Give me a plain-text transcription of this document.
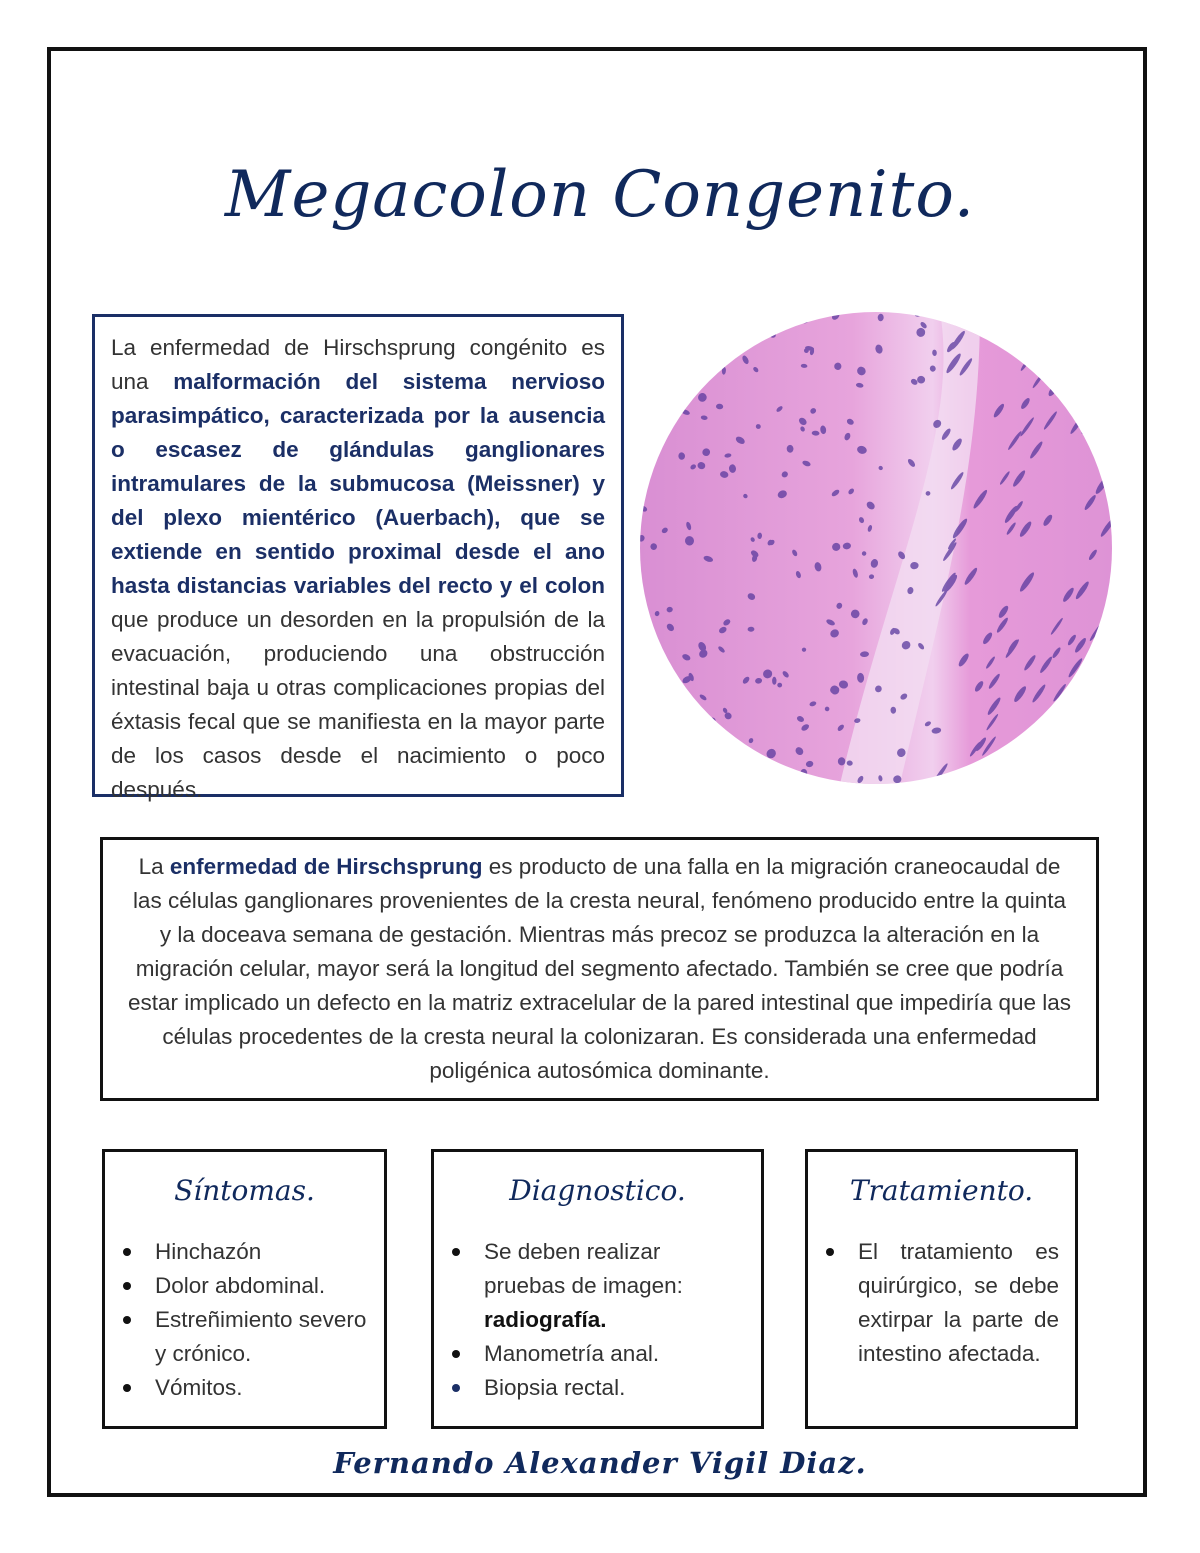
Megacolon Congenito.
La enfermedad de Hirschsprung congénito es una malformación del sistema nervioso parasimpático, caracterizada por la ausencia o escasez de glándulas ganglionares intramulares de la submucosa (Meissner) y del plexo mientérico (Auerbach), que se extiende en sentido proximal desde el ano hasta distancias variables del recto y el colon que produce un desorden en la propulsión de la evacuación, produciendo una obstrucción intestinal baja u otras complicaciones propias del éxtasis fecal que se manifiesta en la mayor parte de los casos desde el nacimiento o poco después.
La enfermedad de Hirschsprung es producto de una falla en la migración craneocaudal de las células ganglionares provenientes de la cresta neural, fenómeno producido entre la quinta y la doceava semana de gestación. Mientras más precoz se produzca la alteración en la migración celular, mayor será la longitud del segmento afectado. También se cree que podría estar implicado un defecto en la matriz extracelular de la pared intestinal que impediría que las células procedentes de la cresta neural la colonizaran. Es considerada una enfermedad poligénica autosómica dominante.
Síntomas.
Hinchazón
Dolor abdominal.
Estreñimiento severo y crónico.
Vómitos.
Diagnostico.
Se deben realizar pruebas de imagen: radiografía.
Manometría anal.
Biopsia rectal.
Tratamiento.
El tratamiento es quirúrgico, se debe extirpar la parte de intestino afectada.
Fernando Alexander Vigil Diaz.
